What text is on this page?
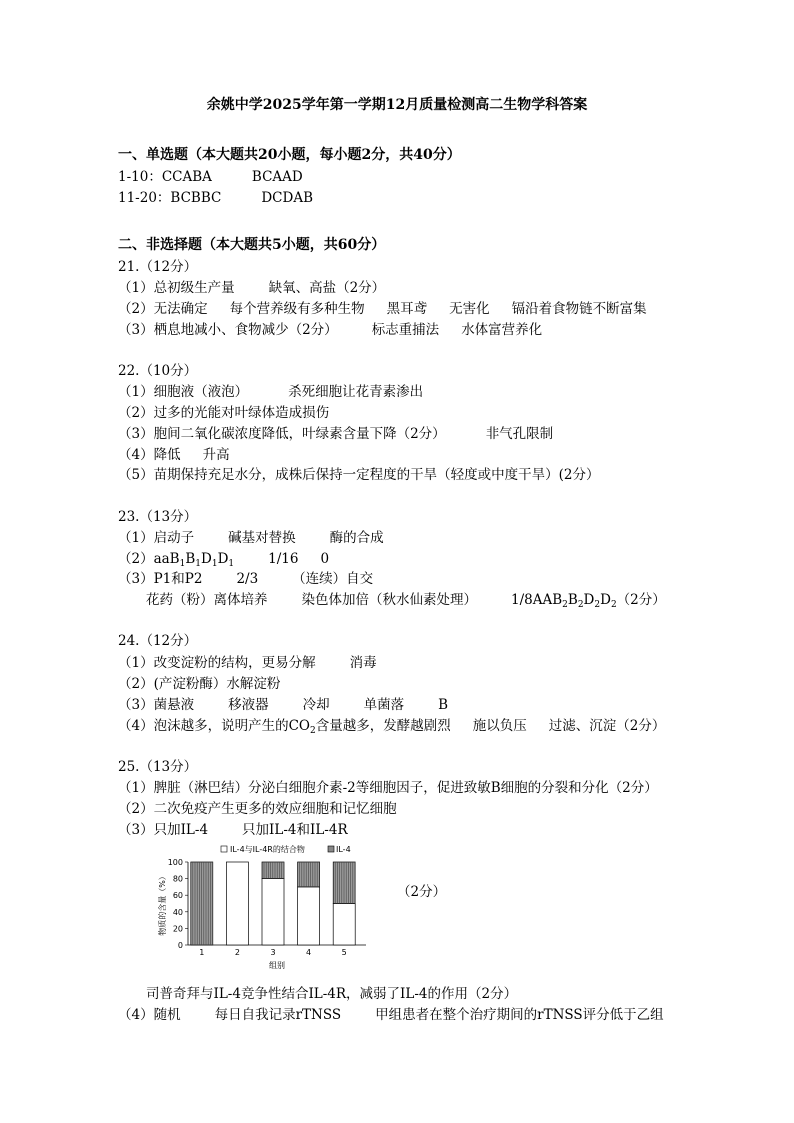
余姚中学2025学年第一学期12月质量检测高二生物学科答案
一、单选题（本大题共20小题，每小题2分，共40分）
1-10：CCABA	BCAAD
11-20：BCBBC	DCDAB
二、非选择题（本大题共5小题，共60分）
21.（12分）
（1）总初级生产量	缺氧、高盐（2分）
（2）无法确定 每个营养级有多种生物 黑耳鸢 无害化 镉沿着食物链不断富集
（3）栖息地减小、食物减少（2分）	标志重捕法 水体富营养化
22.（10分）
（1）细胞液（液泡）	杀死细胞让花青素渗出
（2）过多的光能对叶绿体造成损伤
（3）胞间二氧化碳浓度降低，叶绿素含量下降（2分）	非气孔限制
（4）降低 升高
（5）苗期保持充足水分，成株后保持一定程度的干旱（轻度或中度干旱）(2分）
23.（13分）
（1）启动子	碱基对替换	酶的合成
$(2)aaB_1B_1D_1D_1$	1/16 0
（3）P1和P2	2/3	（连续）自交
花药（粉）离体培养	染色体加倍（秋水仙素处理）	$1/8AAB_2B_2D_2D_2(2$分）
24.（12分）
（1）改变淀粉的结构，更易分解	消毒
（2）(产淀粉酶）水解淀粉
（3）菌悬液	移液器	冷却	单菌落	B
（4）泡沫越多，说明产生的$CO_2$含量越多，发酵越剧烈 施以负压 过滤、沉淀（2分）
25.（13分）
（1）脾脏（淋巴结）分泌白细胞介素-2等细胞因子，促进致敏B细胞的分裂和分化（2分）
（2）二次免疫产生更多的效应细胞和记忆细胞
（3）只加IL-4	只加IL-4和IL-4R
IL-4与IL-4R的结合物	IL-4
物质的含量（%）
0
20
40
60
80
100
1	2	3	4	5
组别
（2分）
司普奇拜与IL-4竞争性结合IL-4R，减弱了IL-4的作用（2分）
（4）随机	每日自我记录rTNSS	甲组患者在整个治疗期间的rTNSS评分低于乙组
